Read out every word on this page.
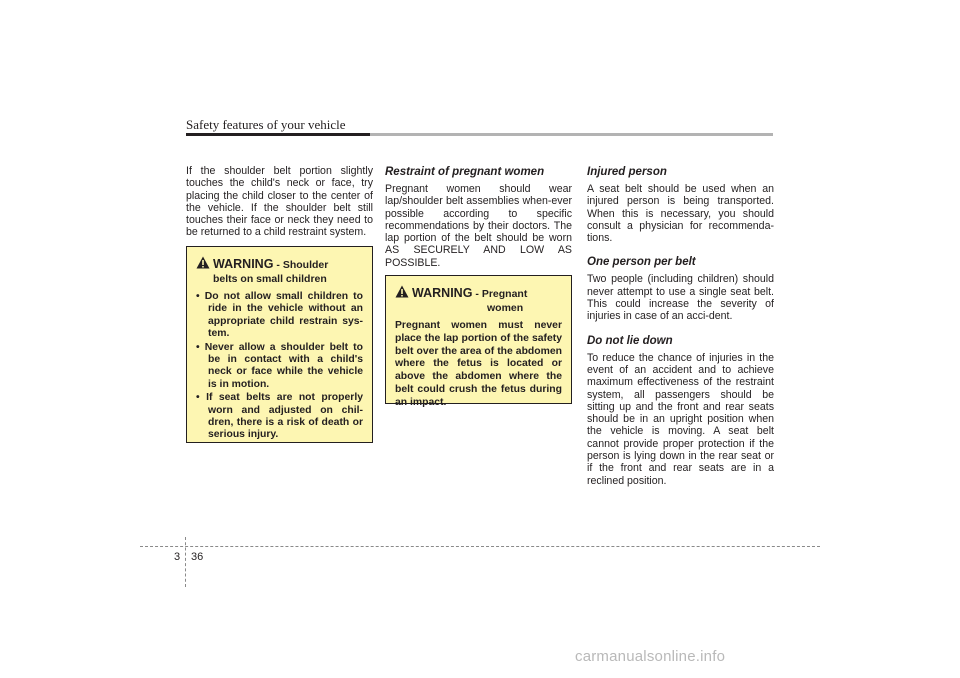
Safety features of your vehicle

If the shoulder belt portion slightly touches the child's neck or face, try placing the child closer to the center of the vehicle. If the shoulder belt still touches their face or neck they need to be returned to a child restraint system.

WARNING - Shoulder
belts on small children
• Do not allow small children to ride in the vehicle without an appropriate child restrain sys-tem.
• Never allow a shoulder belt to be in contact with a child's neck or face while the vehicle is in motion.
• If seat belts are not properly worn and adjusted on chil-dren, there is a risk of death or serious injury.
Restraint of pregnant women

Pregnant women should wear lap/shoulder belt assemblies when-ever possible according to specific recommendations by their doctors. The lap portion of the belt should be worn AS SECURELY AND LOW AS POSSIBLE.

WARNING - Pregnant
women

Pregnant women must never place the lap portion of the safety belt over the area of the abdomen where the fetus is located or above the abdomen where the belt could crush the fetus during an impact.

Injured person

A seat belt should be used when an injured person is being transported. When this is necessary, you should consult a physician for recommenda-tions.

One person per belt

Two people (including children) should never attempt to use a single seat belt. This could increase the severity of injuries in case of an acci-dent.

Do not lie down

To reduce the chance of injuries in the event of an accident and to achieve maximum effectiveness of the restraint system, all passengers should be sitting up and the front and rear seats should be in an upright position when the vehicle is moving. A seat belt cannot provide proper protection if the person is lying down in the rear seat or if the front and rear seats are in a reclined position.

3 36
carmanualsonline.info
